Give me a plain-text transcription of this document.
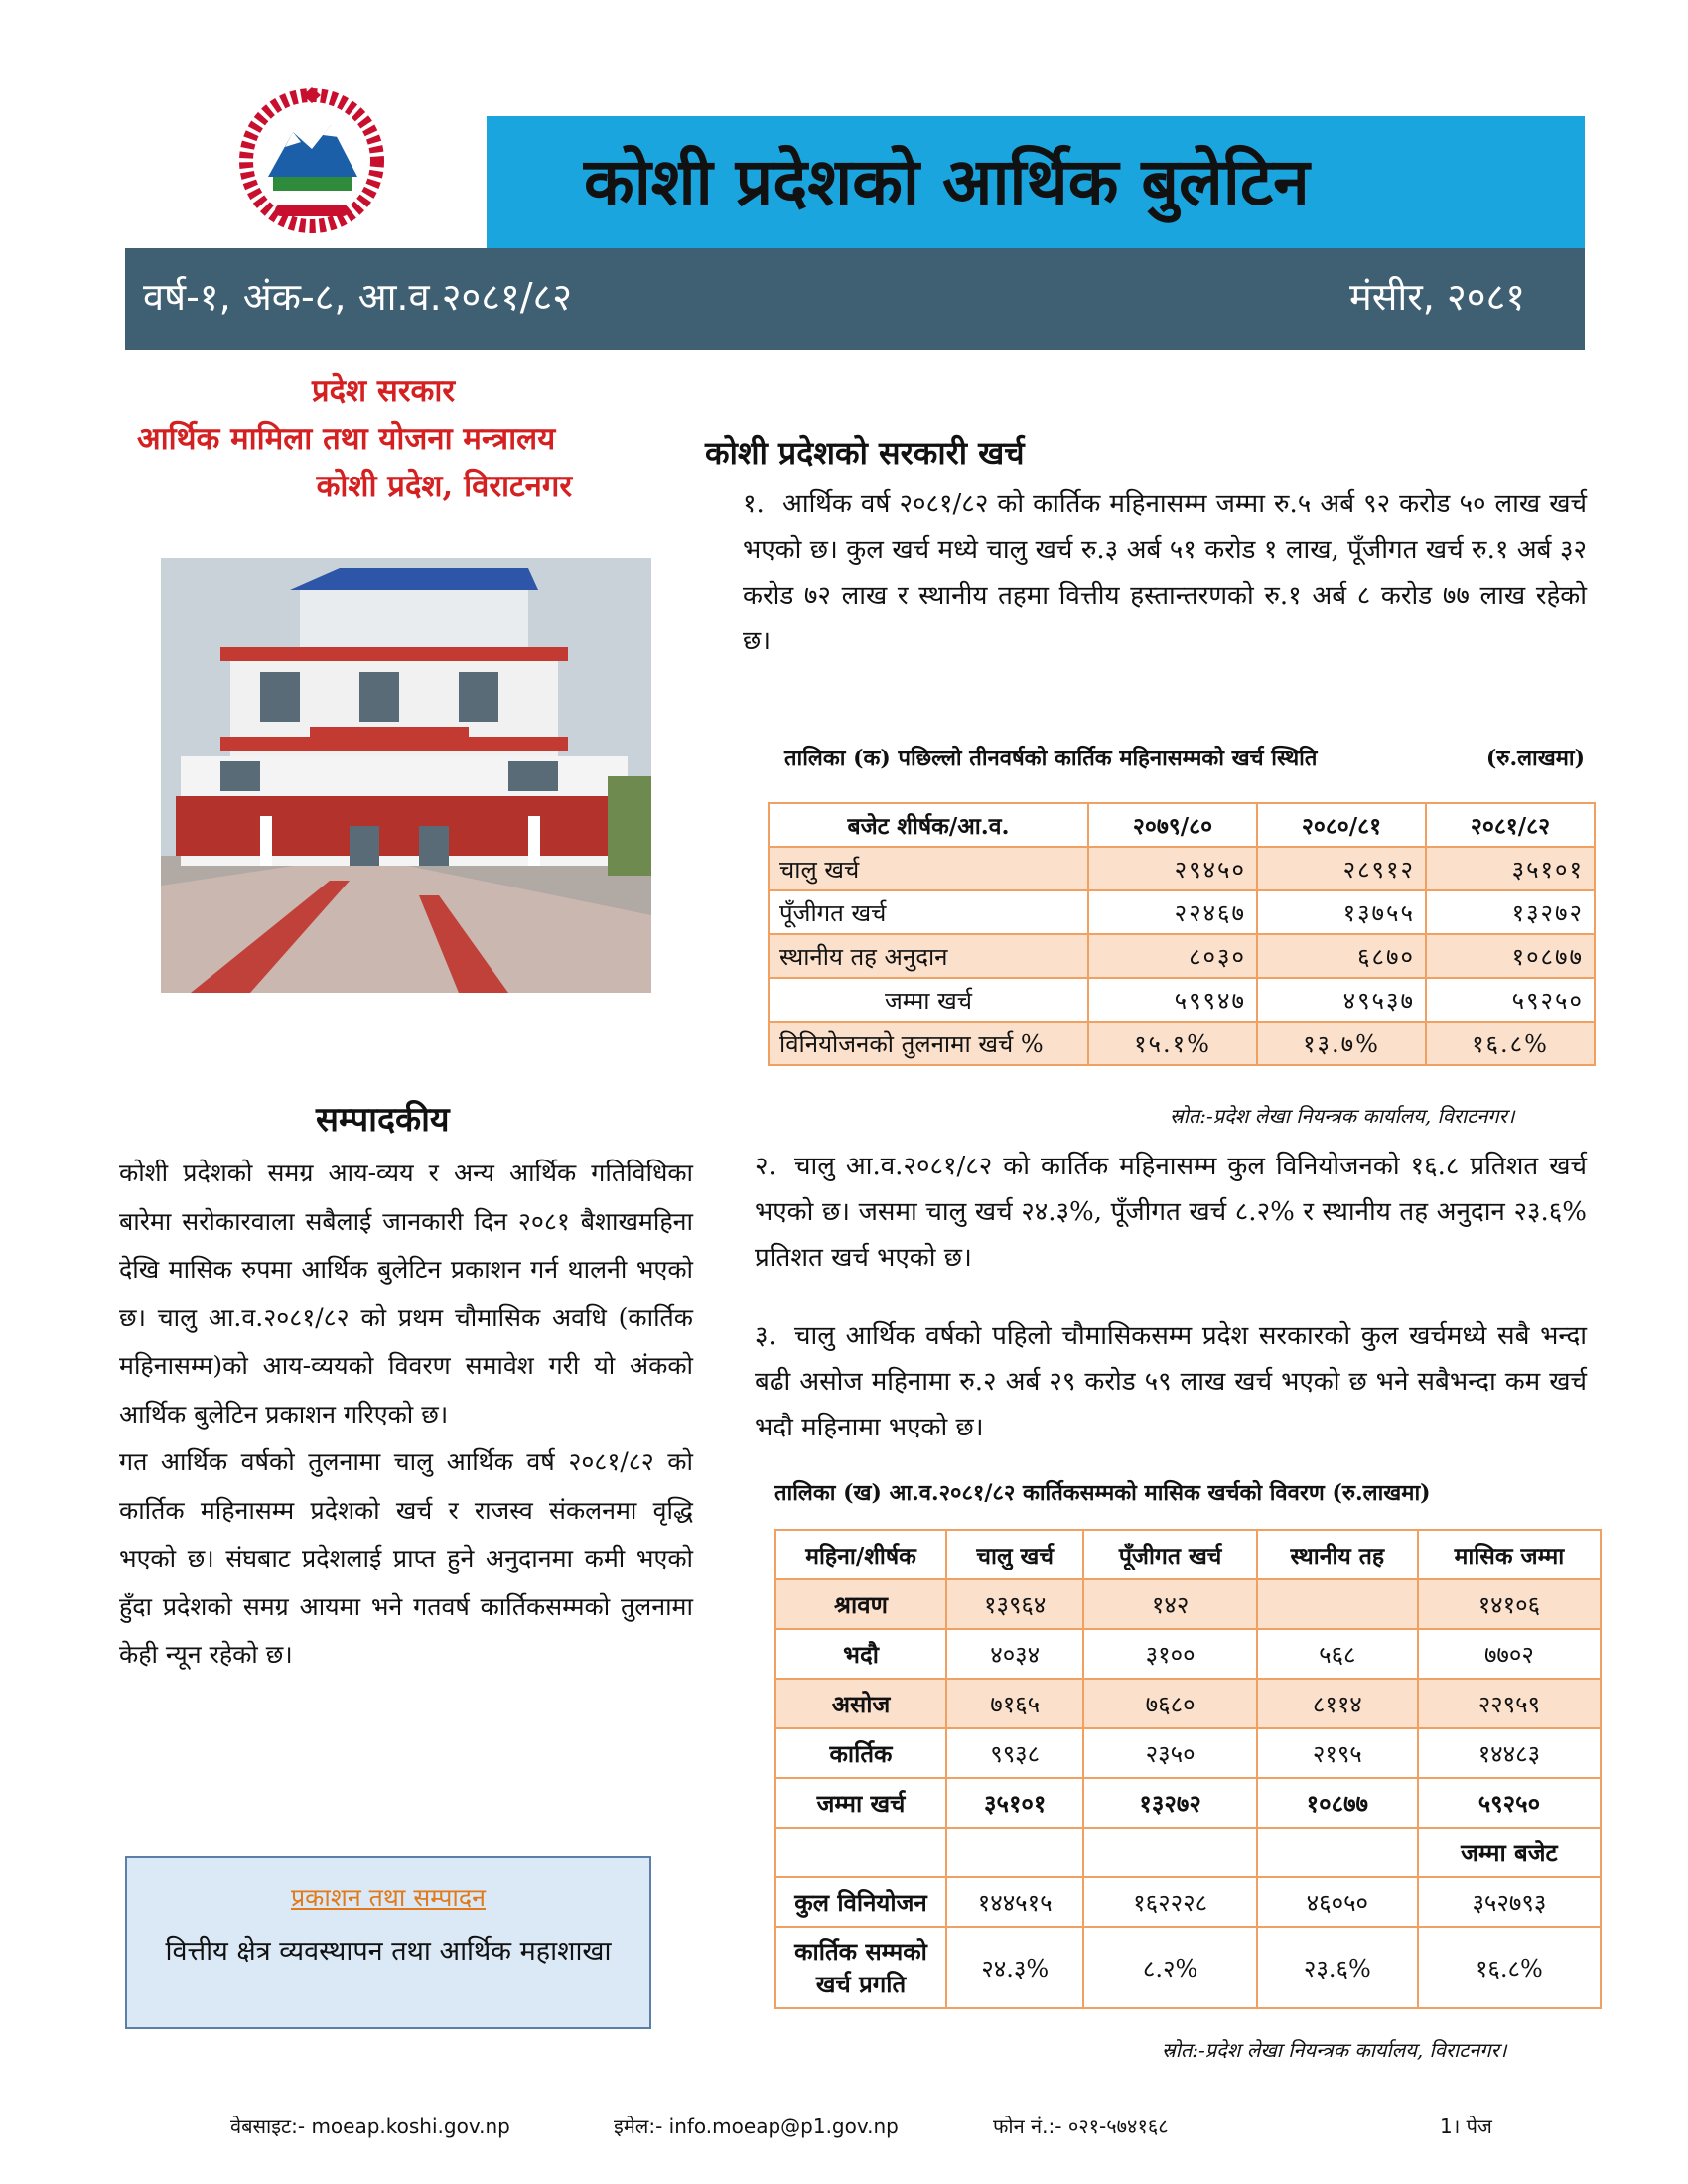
कोशी प्रदेशको आर्थिक बुलेटिन
वर्ष-१, अंक-८, आ.व.२०८१/८२	मंसीर, २०८१
प्रदेश सरकार
आर्थिक मामिला तथा योजना मन्त्रालय
कोशी प्रदेश, विराटनगर
सम्पादकीय

कोशी प्रदेशको समग्र आय-व्यय र अन्य आर्थिक गतिविधिका बारेमा सरोकारवाला सबैलाई जानकारी दिन २०८१ बैशाखमहिना देखि मासिक रुपमा आर्थिक बुलेटिन प्रकाशन गर्न थालनी भएको छ। चालु आ.व.२०८१/८२ को प्रथम चौमासिक अवधि (कार्तिक महिनासम्म)को आय-व्ययको विवरण समावेश गरी यो अंकको आर्थिक बुलेटिन प्रकाशन गरिएको छ।

गत आर्थिक वर्षको तुलनामा चालु आर्थिक वर्ष २०८१/८२ को कार्तिक महिनासम्म प्रदेशको खर्च र राजस्व संकलनमा वृद्धि भएको छ। संघबाट प्रदेशलाई प्राप्त हुने अनुदानमा कमी भएको हुँदा प्रदेशको समग्र आयमा भने गतवर्ष कार्तिकसम्मको तुलनामा केही न्यून रहेको छ।

प्रकाशन तथा सम्पादन
वित्तीय क्षेत्र व्यवस्थापन तथा आर्थिक महाशाखा
कोशी प्रदेशको सरकारी खर्च
१. आर्थिक वर्ष २०८१/८२ को कार्तिक महिनासम्म जम्मा रु.५ अर्ब ९२ करोड ५० लाख खर्च भएको छ। कुल खर्च मध्ये चालु खर्च रु.३ अर्ब ५१ करोड १ लाख, पूँजीगत खर्च रु.१ अर्ब ३२ करोड ७२ लाख र स्थानीय तहमा वित्तीय हस्तान्तरणको रु.१ अर्ब ८ करोड ७७ लाख रहेको छ।
तालिका (क) पछिल्लो तीनवर्षको कार्तिक महिनासम्मको खर्च स्थिति	(रु.लाखमा)
बजेट शीर्षक/आ.व.	२०७९/८०	२०८०/८१	२०८१/८२
चालु खर्च	२९४५०	२८९१२	३५१०१
पूँजीगत खर्च	२२४६७	१३७५५	१३२७२
स्थानीय तह अनुदान	८०३०	६८७०	१०८७७
जम्मा खर्च	५९९४७	४९५३७	५९२५०
विनियोजनको तुलनामा खर्च %	१५.१%	१३.७%	१६.८%
स्रोत:-प्रदेश लेखा नियन्त्रक कार्यालय, विराटनगर।
२. चालु आ.व.२०८१/८२ को कार्तिक महिनासम्म कुल विनियोजनको १६.८ प्रतिशत खर्च भएको छ। जसमा चालु खर्च २४.३%, पूँजीगत खर्च ८.२% र स्थानीय तह अनुदान २३.६% प्रतिशत खर्च भएको छ।
३. चालु आर्थिक वर्षको पहिलो चौमासिकसम्म प्रदेश सरकारको कुल खर्चमध्ये सबै भन्दा बढी असोज महिनामा रु.२ अर्ब २९ करोड ५९ लाख खर्च भएको छ भने सबैभन्दा कम खर्च भदौ महिनामा भएको छ।
तालिका (ख) आ.व.२०८१/८२ कार्तिकसम्मको मासिक खर्चको विवरण (रु.लाखमा)
महिना/शीर्षक	चालु खर्च	पूँजीगत खर्च	स्थानीय तह	मासिक जम्मा
श्रावण	१३९६४	१४२		१४१०६
भदौ	४०३४	३१००	५६८	७७०२
असोज	७१६५	७६८०	८११४	२२९५९
कार्तिक	९९३८	२३५०	२१९५	१४४८३
जम्मा खर्च	३५१०१	१३२७२	१०८७७	५९२५०
				जम्मा बजेट
कुल विनियोजन	१४४५१५	१६२२२८	४६०५०	३५२७९३
कार्तिक सम्मको खर्च प्रगति	२४.३%	८.२%	२३.६%	१६.८%
स्रोत:-प्रदेश लेखा नियन्त्रक कार्यालय, विराटनगर।
वेबसाइट:- moeap.koshi.gov.np	इमेल:- info.moeap@p1.gov.np	फोन नं.:- ०२१-५७४१६८	1। पेज
